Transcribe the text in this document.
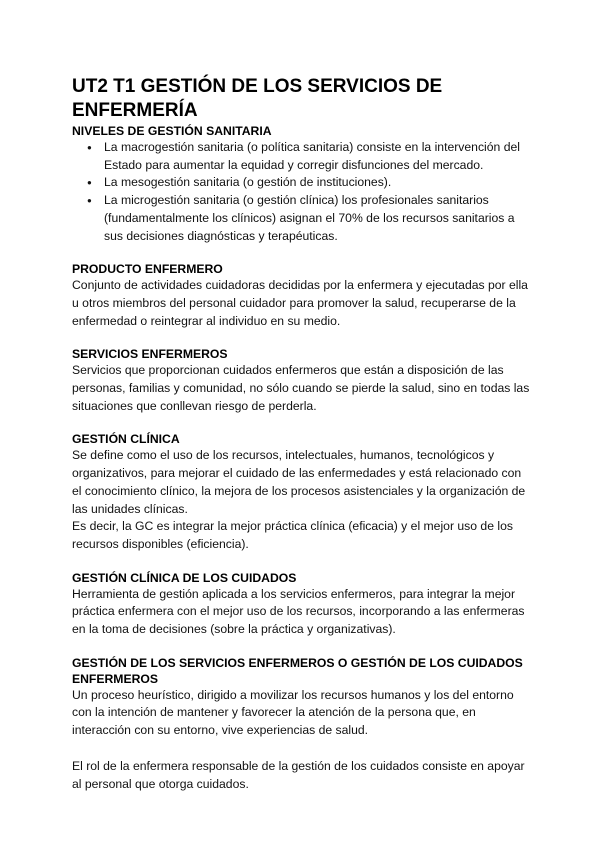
UT2 T1 GESTIÓN DE LOS SERVICIOS DE ENFERMERÍA
NIVELES DE GESTIÓN SANITARIA
● La macrogestión sanitaria (o política sanitaria) consiste en la intervención del Estado para aumentar la equidad y corregir disfunciones del mercado.
● La mesogestión sanitaria (o gestión de instituciones).
● La microgestión sanitaria (o gestión clínica) los profesionales sanitarios (fundamentalmente los clínicos) asignan el 70% de los recursos sanitarios a sus decisiones diagnósticas y terapéuticas.
PRODUCTO ENFERMERO

Conjunto de actividades cuidadoras decididas por la enfermera y ejecutadas por ella u otros miembros del personal cuidador para promover la salud, recuperarse de la enfermedad o reintegrar al individuo en su medio.

SERVICIOS ENFERMEROS

Servicios que proporcionan cuidados enfermeros que están a disposición de las personas, familias y comunidad, no sólo cuando se pierde la salud, sino en todas las situaciones que conllevan riesgo de perderla.

GESTIÓN CLÍNICA

Se define como el uso de los recursos, intelectuales, humanos, tecnológicos y organizativos, para mejorar el cuidado de las enfermedades y está relacionado con el conocimiento clínico, la mejora de los procesos asistenciales y la organización de las unidades clínicas.

Es decir, la GC es integrar la mejor práctica clínica (eficacia) y el mejor uso de los recursos disponibles (eficiencia).

GESTIÓN CLÍNICA DE LOS CUIDADOS

Herramienta de gestión aplicada a los servicios enfermeros, para integrar la mejor práctica enfermera con el mejor uso de los recursos, incorporando a las enfermeras en la toma de decisiones (sobre la práctica y organizativas).

GESTIÓN DE LOS SERVICIOS ENFERMEROS O GESTIÓN DE LOS CUIDADOS ENFERMEROS

Un proceso heurístico, dirigido a movilizar los recursos humanos y los del entorno con la intención de mantener y favorecer la atención de la persona que, en interacción con su entorno, vive experiencias de salud.

El rol de la enfermera responsable de la gestión de los cuidados consiste en apoyar al personal que otorga cuidados.
